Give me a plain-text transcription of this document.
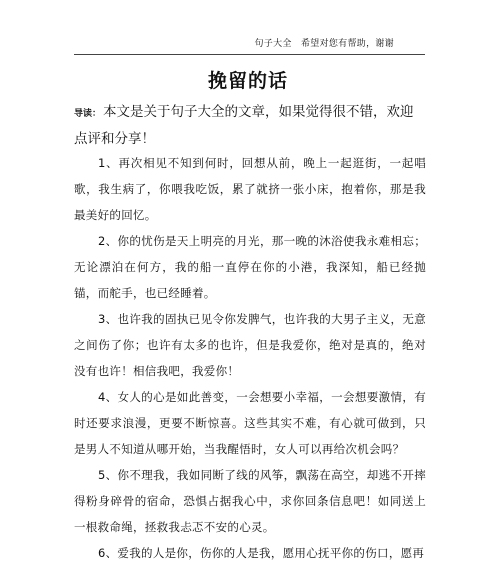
句子大全　希望对您有帮助，谢谢
挽留的话
导读： 本文是关于句子大全的文章，如果觉得很不错，欢迎点评和分享！

1、再次相见不知到何时，回想从前，晚上一起逛街，一起唱歌，我生病了，你喂我吃饭，累了就挤一张小床，抱着你，那是我最美好的回忆。

2、你的忧伤是天上明亮的月光，那一晚的沐浴使我永难相忘；无论漂泊在何方，我的船一直停在你的小港，我深知，船已经抛锚，而舵手，也已经睡着。

3、也许我的固执已见令你发脾气，也许我的大男子主义，无意之间伤了你；也许有太多的也许，但是我爱你，绝对是真的，绝对没有也许！相信我吧，我爱你！

4、女人的心是如此善变，一会想要小幸福，一会想要激情，有时还要求浪漫，更要不断惊喜。这些其实不难，有心就可做到，只是男人不知道从哪开始，当我醒悟时，女人可以再给次机会吗？

5、你不理我，我如同断了线的风筝，飘荡在高空，却逃不开摔得粉身碎骨的宿命，恐惧占据我心中，求你回条信息吧！如同送上一根救命绳，拯救我忐忑不安的心灵。

6、爱我的人是你，伤你的人是我，愿用心抚平你的伤口，愿再
